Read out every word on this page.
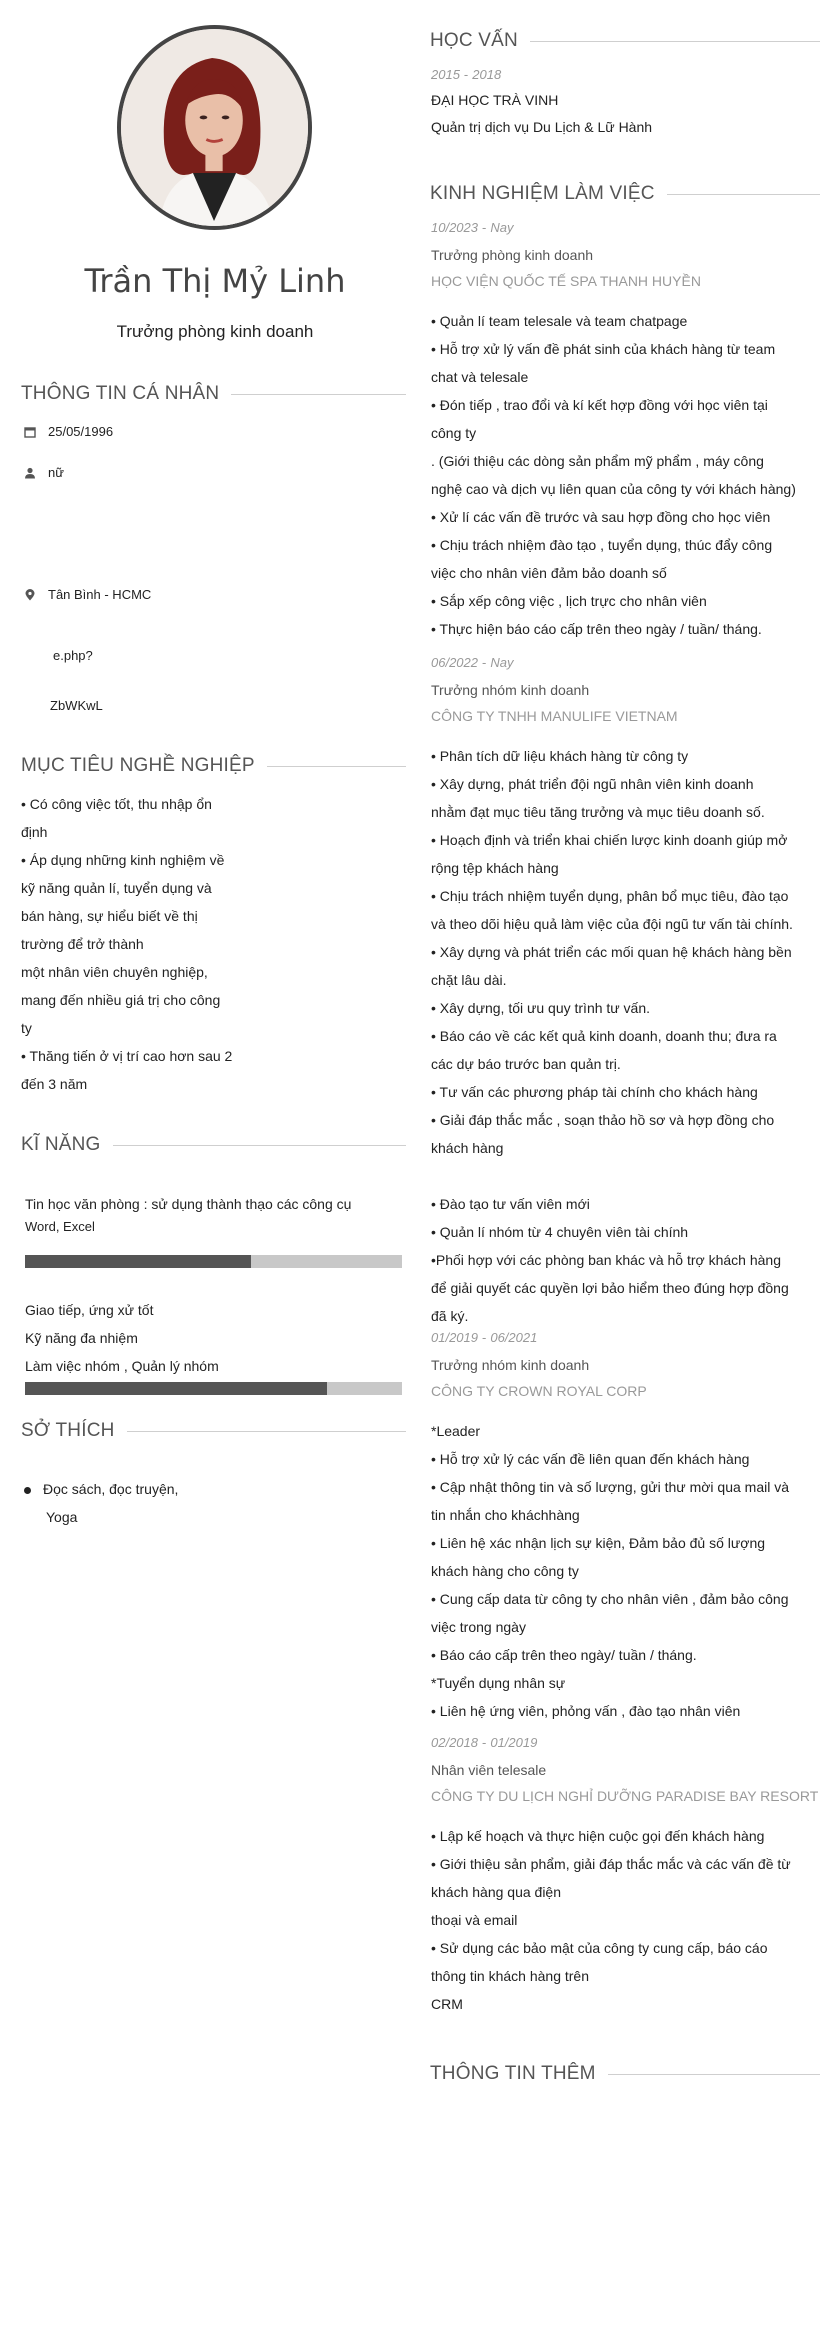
Trần Thị Mỷ Linh
Trưởng phòng kinh doanh
THÔNG TIN CÁ NHÂN
25/05/1996
nữ
Tân Bình - HCMC
e.php?
ZbWKwL
MỤC TIÊU NGHỀ NGHIỆP

• Có công việc tốt, thu nhập ổn

định

• Áp dụng những kinh nghiệm về

kỹ năng quản lí, tuyển dụng và

bán hàng, sự hiểu biết về thị

trường để trở thành

một nhân viên chuyên nghiệp,

mang đến nhiều giá trị cho công

ty

• Thăng tiến ở vị trí cao hơn sau 2

đến 3 năm

KĨ NĂNG
Tin học văn phòng : sử dụng thành thạo các công cụ
Word, Excel
Giao tiếp, ứng xử tốt
Kỹ năng đa nhiệm
Làm việc nhóm , Quản lý nhóm
SỞ THÍCH
Đọc sách, đọc truyện,
Yoga
HỌC VẤN
2015 - 2018
ĐẠI HỌC TRÀ VINH
Quản trị dịch vụ Du Lịch & Lữ Hành
KINH NGHIỆM LÀM VIỆC
10/2023 - Nay
Trưởng phòng kinh doanh
HỌC VIỆN QUỐC TẾ SPA THANH HUYỀN

• Quản lí team telesale và team chatpage

• Hỗ trợ xử lý vấn đề phát sinh của khách hàng từ team

chat và telesale

• Đón tiếp , trao đổi và kí kết hợp đồng với học viên tại

công ty

. (Giới thiệu các dòng sản phẩm mỹ phẩm , máy công

nghệ cao và dịch vụ liên quan của công ty với khách hàng)

• Xử lí các vấn đề trước và sau hợp đồng cho học viên

• Chịu trách nhiệm đào tạo , tuyển dụng, thúc đẩy công

việc cho nhân viên đảm bảo doanh số

• Sắp xếp công việc , lịch trực cho nhân viên

• Thực hiện báo cáo cấp trên theo ngày / tuần/ tháng.

06/2022 - Nay
Trưởng nhóm kinh doanh
CÔNG TY TNHH MANULIFE VIETNAM

• Phân tích dữ liệu khách hàng từ công ty

• Xây dựng, phát triển đội ngũ nhân viên kinh doanh

nhằm đạt mục tiêu tăng trưởng và mục tiêu doanh số.

• Hoạch định và triển khai chiến lược kinh doanh giúp mở

rộng tệp khách hàng

• Chịu trách nhiệm tuyển dụng, phân bổ mục tiêu, đào tạo

và theo dõi hiệu quả làm việc của đội ngũ tư vấn tài chính.

• Xây dựng và phát triển các mối quan hệ khách hàng bền

chặt lâu dài.

• Xây dựng, tối ưu quy trình tư vấn.

• Báo cáo về các kết quả kinh doanh, doanh thu; đưa ra

các dự báo trước ban quản trị.

• Tư vấn các phương pháp tài chính cho khách hàng

• Giải đáp thắc mắc , soạn thảo hồ sơ và hợp đồng cho

khách hàng

• Đào tạo tư vấn viên mới

• Quản lí nhóm từ 4 chuyên viên tài chính

•Phối hợp với các phòng ban khác và hỗ trợ khách hàng

để giải quyết các quyền lợi bảo hiểm theo đúng hợp đồng

đã ký.

01/2019 - 06/2021
Trưởng nhóm kinh doanh
CÔNG TY CROWN ROYAL CORP

*Leader

• Hỗ trợ xử lý các vấn đề liên quan đến khách hàng

• Cập nhật thông tin và số lượng, gửi thư mời qua mail và

tin nhắn cho kháchhàng

• Liên hệ xác nhận lịch sự kiện, Đảm bảo đủ số lượng

khách hàng cho công ty

• Cung cấp data từ công ty cho nhân viên , đảm bảo công

việc trong ngày

• Báo cáo cấp trên theo ngày/ tuần / tháng.

*Tuyển dụng nhân sự

• Liên hệ ứng viên, phỏng vấn , đào tạo nhân viên

02/2018 - 01/2019
Nhân viên telesale
CÔNG TY DU LỊCH NGHỈ DƯỠNG PARADISE BAY RESORT

• Lập kế hoạch và thực hiện cuộc gọi đến khách hàng

• Giới thiệu sản phẩm, giải đáp thắc mắc và các vấn đề từ

khách hàng qua điện

thoại và email

• Sử dụng các bảo mật của công ty cung cấp, báo cáo

thông tin khách hàng trên

CRM

THÔNG TIN THÊM
